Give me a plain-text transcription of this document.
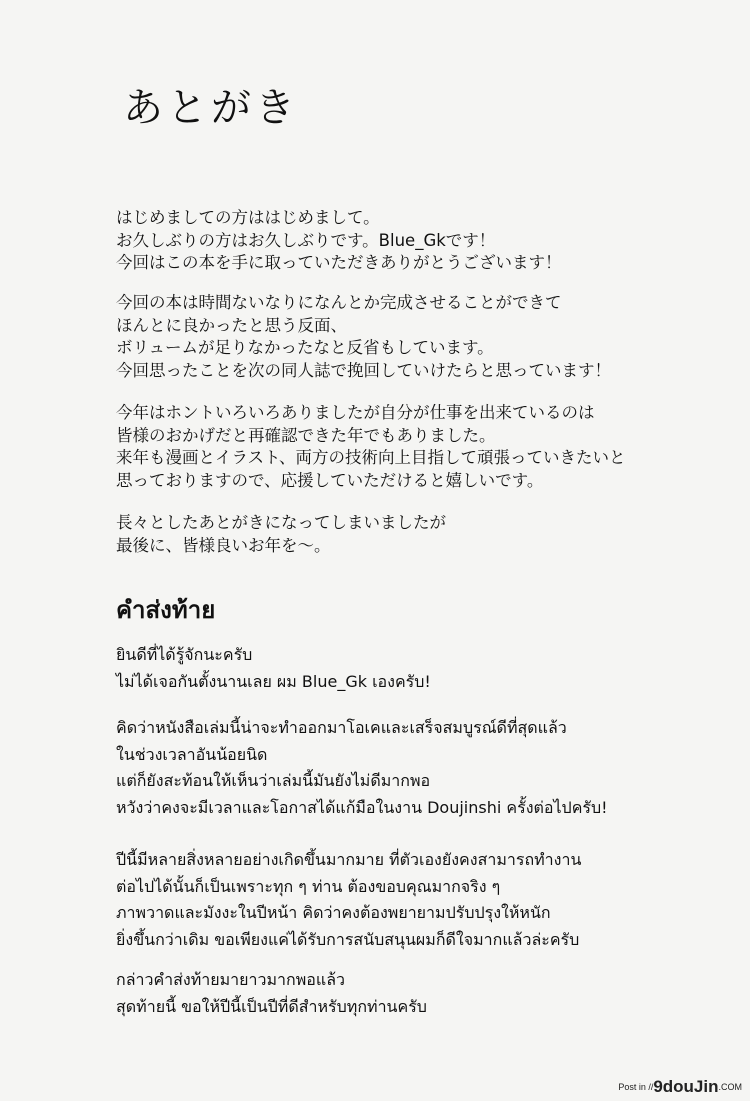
あとがき
はじめましての方ははじめまして。
お久しぶりの方はお久しぶりです。Blue_Gkです！
今回はこの本を手に取っていただきありがとうございます！
今回の本は時間ないなりになんとか完成させることができて
ほんとに良かったと思う反面、
ボリュームが足りなかったなと反省もしています。
今回思ったことを次の同人誌で挽回していけたらと思っています！
今年はホントいろいろありましたが自分が仕事を出来ているのは
皆様のおかげだと再確認できた年でもありました。
来年も漫画とイラスト、両方の技術向上目指して頑張っていきたいと
思っておりますので、応援していただけると嬉しいです。
長々としたあとがきになってしまいましたが
最後に、皆様良いお年を〜。
คำส่งท้าย
ยินดีที่ได้รู้จักนะครับ
ไม่ได้เจอกันตั้งนานเลย ผม Blue_Gk เองครับ!
คิดว่าหนังสือเล่มนี้น่าจะทำออกมาโอเคและเสร็จสมบูรณ์ดีที่สุดแล้ว
ในช่วงเวลาอันน้อยนิด
แต่ก็ยังสะท้อนให้เห็นว่าเล่มนี้มันยังไม่ดีมากพอ
หวังว่าคงจะมีเวลาและโอกาสได้แก้มือในงาน Doujinshi ครั้งต่อไปครับ!
ปีนี้มีหลายสิ่งหลายอย่างเกิดขึ้นมากมาย ที่ตัวเองยังคงสามารถทำงาน
ต่อไปได้นั้นก็เป็นเพราะทุก ๆ ท่าน ต้องขอบคุณมากจริง ๆ
ภาพวาดและมังงะในปีหน้า คิดว่าคงต้องพยายามปรับปรุงให้หนัก
ยิ่งขึ้นกว่าเดิม ขอเพียงแค่ได้รับการสนับสนุนผมก็ดีใจมากแล้วล่ะครับ
กล่าวคำส่งท้ายมายาวมากพอแล้ว
สุดท้ายนี้ ขอให้ปีนี้เป็นปีที่ดีสำหรับทุกท่านครับ
Post in //9douJin.COM
